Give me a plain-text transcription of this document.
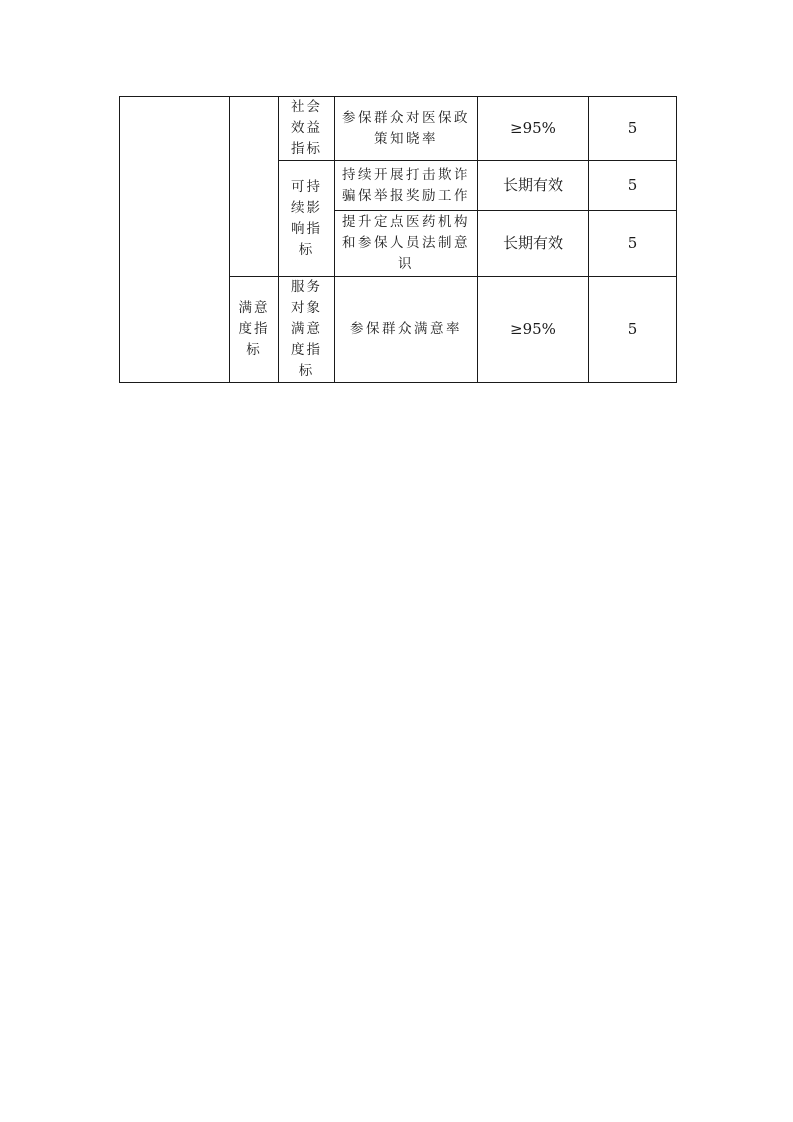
		社会效益指标	参保群众对医保政策知晓率	≥95%	5
		可持续影响指标	持续开展打击欺诈骗保举报奖励工作	长期有效	5
			提升定点医药机构和参保人员法制意识	长期有效	5
	满意度指标	服务对象满意度指标	参保群众满意率	≥95%	5
